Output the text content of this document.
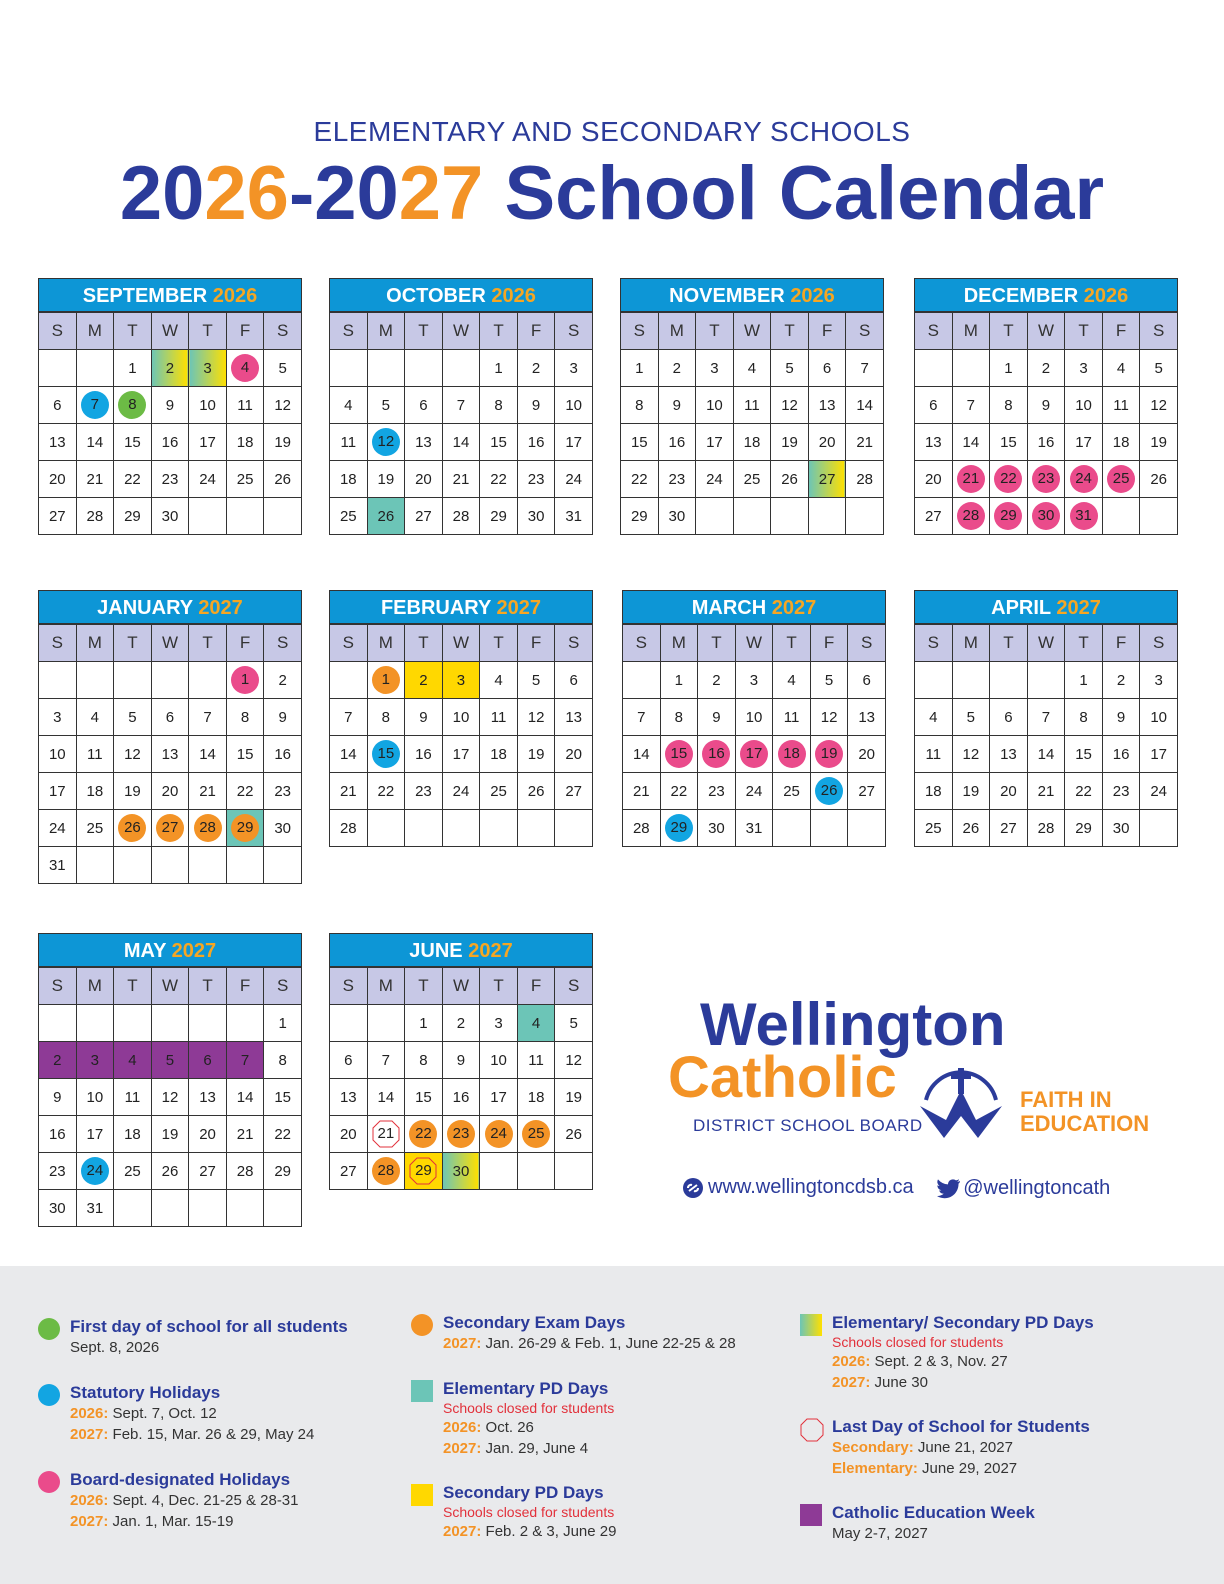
ELEMENTARY AND SECONDARY SCHOOLS
2026-2027 School Calendar
SEPTEMBER 2026
S	M	T	W	T	F	S
		1	2	3	4	5
6	7	8	9	10	11	12
13	14	15	16	17	18	19
20	21	22	23	24	25	26
27	28	29	30			
OCTOBER 2026
S	M	T	W	T	F	S
				1	2	3
4	5	6	7	8	9	10
11	12	13	14	15	16	17
18	19	20	21	22	23	24
25	26	27	28	29	30	31
NOVEMBER 2026
S	M	T	W	T	F	S
1	2	3	4	5	6	7
8	9	10	11	12	13	14
15	16	17	18	19	20	21
22	23	24	25	26	27	28
29	30					
DECEMBER 2026
S	M	T	W	T	F	S
		1	2	3	4	5
6	7	8	9	10	11	12
13	14	15	16	17	18	19
20	21	22	23	24	25	26
27	28	29	30	31		
JANUARY 2027
S	M	T	W	T	F	S
					1	2
3	4	5	6	7	8	9
10	11	12	13	14	15	16
17	18	19	20	21	22	23
24	25	26	27	28	29	30
31						
FEBRUARY 2027
S	M	T	W	T	F	S
	1	2	3	4	5	6
7	8	9	10	11	12	13
14	15	16	17	18	19	20
21	22	23	24	25	26	27
28						
MARCH 2027
S	M	T	W	T	F	S
	1	2	3	4	5	6
7	8	9	10	11	12	13
14	15	16	17	18	19	20
21	22	23	24	25	26	27
28	29	30	31			
APRIL 2027
S	M	T	W	T	F	S
				1	2	3
4	5	6	7	8	9	10
11	12	13	14	15	16	17
18	19	20	21	22	23	24
25	26	27	28	29	30	
MAY 2027
S	M	T	W	T	F	S
						1
2	3	4	5	6	7	8
9	10	11	12	13	14	15
16	17	18	19	20	21	22
23	24	25	26	27	28	29
30	31					
JUNE 2027
S	M	T	W	T	F	S
		1	2	3	4	5
6	7	8	9	10	11	12
13	14	15	16	17	18	19
20	21	22	23	24	25	26
27	28	29	30			
Wellington
Catholic
DISTRICT SCHOOL BOARD
FAITH IN
EDUCATION
www.wellingtoncdsb.ca
@wellingtoncath
First day of school for all students
Sept. 8, 2026
Statutory Holidays
2026: Sept. 7, Oct. 12
2027: Feb. 15, Mar. 26 & 29, May 24
Board-designated Holidays
2026: Sept. 4, Dec. 21-25 & 28-31
2027: Jan. 1, Mar. 15-19
Secondary Exam Days
2027: Jan. 26-29 & Feb. 1, June 22-25 & 28
Elementary PD Days
Schools closed for students
2026: Oct. 26
2027: Jan. 29, June 4
Secondary PD Days
Schools closed for students
2027: Feb. 2 & 3, June 29
Elementary/ Secondary PD Days
Schools closed for students
2026: Sept. 2 & 3, Nov. 27
2027: June 30
Last Day of School for Students
Secondary: June 21, 2027
Elementary: June 29, 2027
Catholic Education Week
May 2-7, 2027
